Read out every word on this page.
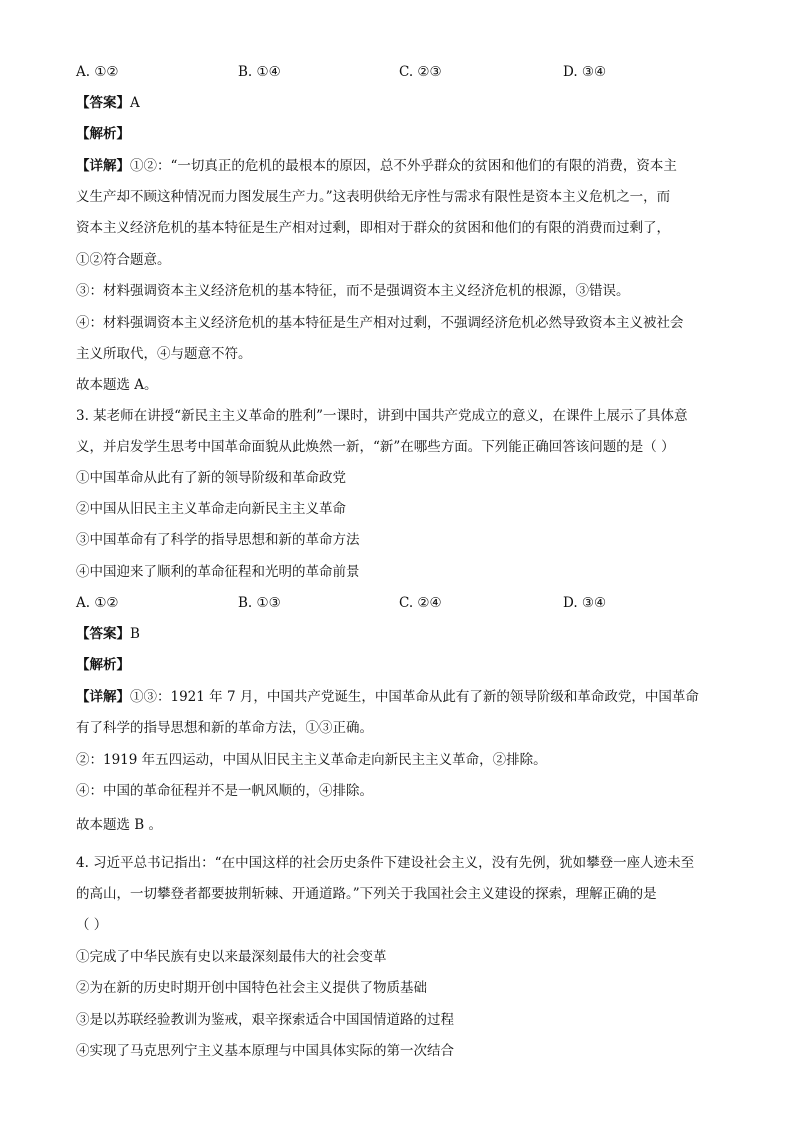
A. ①②	B. ①④	C. ②③	D. ③④
【答案】A
【解析】
【详解】①②：“一切真正的危机的最根本的原因，总不外乎群众的贫困和他们的有限的消费，资本主
义生产却不顾这种情况而力图发展生产力。”这表明供给无序性与需求有限性是资本主义危机之一，而
资本主义经济危机的基本特征是生产相对过剩，即相对于群众的贫困和他们的有限的消费而过剩了，
①②符合题意。
③：材料强调资本主义经济危机的基本特征，而不是强调资本主义经济危机的根源，③错误。
④：材料强调资本主义经济危机的基本特征是生产相对过剩，不强调经济危机必然导致资本主义被社会
主义所取代，④与题意不符。
故本题选 A。
3. 某老师在讲授“新民主主义革命的胜利”一课时，讲到中国共产党成立的意义，在课件上展示了具体意
义，并启发学生思考中国革命面貌从此焕然一新，“新”在哪些方面。下列能正确回答该问题的是（ ）
①中国革命从此有了新的领导阶级和革命政党
②中国从旧民主主义革命走向新民主主义革命
③中国革命有了科学的指导思想和新的革命方法
④中国迎来了顺利的革命征程和光明的革命前景
A. ①②	B. ①③	C. ②④	D. ③④
【答案】B
【解析】
【详解】①③：1921 年 7 月，中国共产党诞生，中国革命从此有了新的领导阶级和革命政党，中国革命
有了科学的指导思想和新的革命方法，①③正确。
②：1919 年五四运动，中国从旧民主主义革命走向新民主主义革命，②排除。
④：中国的革命征程并不是一帆风顺的，④排除。
故本题选 B 。
4. 习近平总书记指出：“在中国这样的社会历史条件下建设社会主义，没有先例，犹如攀登一座人迹未至
的高山，一切攀登者都要披荆斩棘、开通道路。”下列关于我国社会主义建设的探索，理解正确的是
（ ）
①完成了中华民族有史以来最深刻最伟大的社会变革
②为在新的历史时期开创中国特色社会主义提供了物质基础
③是以苏联经验教训为鉴戒，艰辛探索适合中国国情道路的过程
④实现了马克思列宁主义基本原理与中国具体实际的第一次结合
